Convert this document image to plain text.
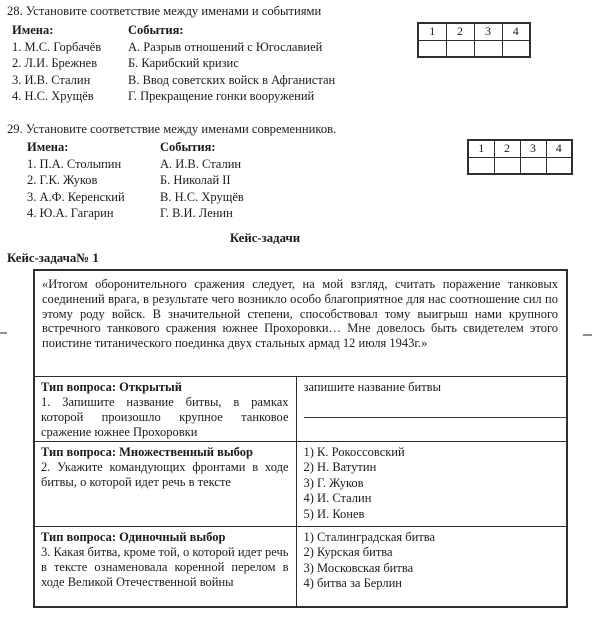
28. Установите соответствие между именами и событиями
Имена:
1. М.С. Горбачёв
2. Л.И. Брежнев
3. И.В. Сталин
4. Н.С. Хрущёв
События:
А. Разрыв отношений с Югославией
Б. Карибский кризис
В. Ввод советских войск в Афганистан
Г. Прекращение гонки вооружений
1	2	3	4

29. Установите соответствие между именами современников.
Имена:
1. П.А. Столыпин
2. Г.К. Жуков
3. А.Ф. Керенский
4. Ю.А. Гагарин
События:
А. И.В. Сталин
Б. Николай II
В. Н.С. Хрущёв
Г. В.И. Ленин
1	2	3	4

Кейс-задачи
Кейс-задача№ 1
«Итогом оборонительного сражения следует, на мой взгляд, считать поражение танковых соединений врага, в результате чего возникло особо благоприятное для нас соотношение сил по этому роду войск. В значительной степени, способствовал тому выигрыш нами крупного встречного танкового сражения южнее Прохоровки… Мне довелось быть свидетелем этого поистине титанического поединка двух стальных армад 12 июля 1943г.»	

Тип вопроса: Открытый
1. Запишите название битвы, в рамках которой произошло крупное танковое сражение южнее Прохоровки	запишите название битвы

Тип вопроса: Множественный выбор
2. Укажите командующих фронтами в ходе битвы, о которой идет речь в тексте

1) К. Рокоссовский
2) Н. Ватутин
3) Г. Жуков
4) И. Сталин
5) И. Конев

Тип вопроса: Одиночный выбор
3. Какая битва, кроме той, о которой идет речь в тексте ознаменовала коренной перелом в ходе Великой Отечественной войны

1) Сталинградская битва
2) Курская битва
3) Московская битва
4) битва за Берлин
